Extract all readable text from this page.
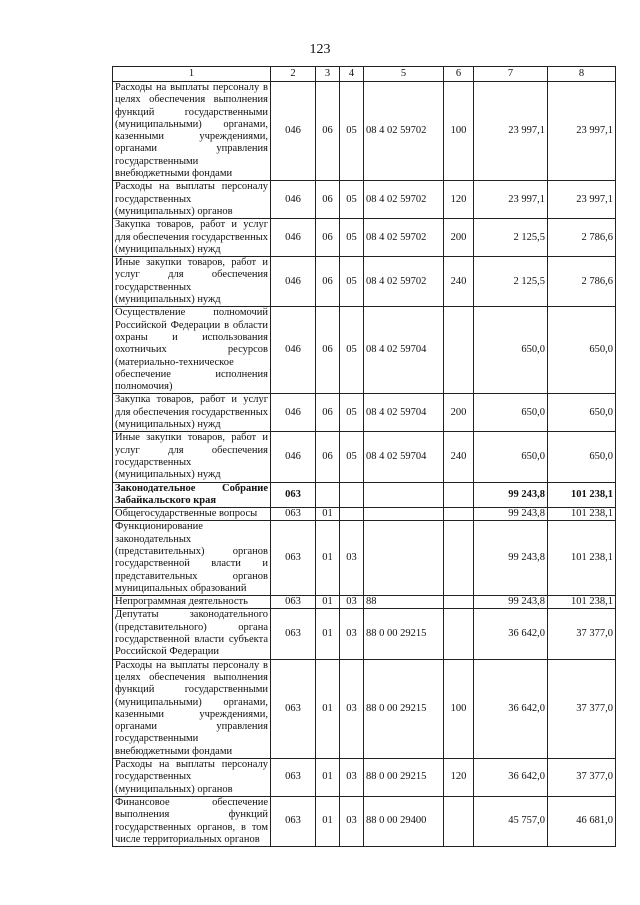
123
1	2	3	4	5	6	7	8
Расходы на выплаты персоналу в целях обеспечения выполнения функций государственными (муниципальными) органами, казенными учреждениями, органами управления государственными внебюджетными фондами	046	06	05	08 4 02 59702	100	23 997,1	23 997,1
Расходы на выплаты персоналу государственных (муниципальных) органов	046	06	05	08 4 02 59702	120	23 997,1	23 997,1
Закупка товаров, работ и услуг для обеспечения государственных (муниципальных) нужд	046	06	05	08 4 02 59702	200	2 125,5	2 786,6
Иные закупки товаров, работ и услуг для обеспечения государственных (муниципальных) нужд	046	06	05	08 4 02 59702	240	2 125,5	2 786,6
Осуществление полномочий Российской Федерации в области охраны и использования охотничьих ресурсов (материально-техническое обеспечение исполнения полномочия)	046	06	05	08 4 02 59704		650,0	650,0
Закупка товаров, работ и услуг для обеспечения государственных (муниципальных) нужд	046	06	05	08 4 02 59704	200	650,0	650,0
Иные закупки товаров, работ и услуг для обеспечения государственных (муниципальных) нужд	046	06	05	08 4 02 59704	240	650,0	650,0
Законодательное Собрание Забайкальского края	063					99 243,8	101 238,1
Общегосударственные вопросы	063	01				99 243,8	101 238,1
Функционирование законодательных (представительных) органов государственной власти и представительных органов муниципальных образований	063	01	03			99 243,8	101 238,1
Непрограммная деятельность	063	01	03	88		99 243,8	101 238,1
Депутаты законодательного (представительного) органа государственной власти субъекта Российской Федерации	063	01	03	88 0 00 29215		36 642,0	37 377,0
Расходы на выплаты персоналу в целях обеспечения выполнения функций государственными (муниципальными) органами, казенными учреждениями, органами управления государственными внебюджетными фондами	063	01	03	88 0 00 29215	100	36 642,0	37 377,0
Расходы на выплаты персоналу государственных (муниципальных) органов	063	01	03	88 0 00 29215	120	36 642,0	37 377,0
Финансовое обеспечение выполнения функций государственных органов, в том числе территориальных органов	063	01	03	88 0 00 29400		45 757,0	46 681,0
